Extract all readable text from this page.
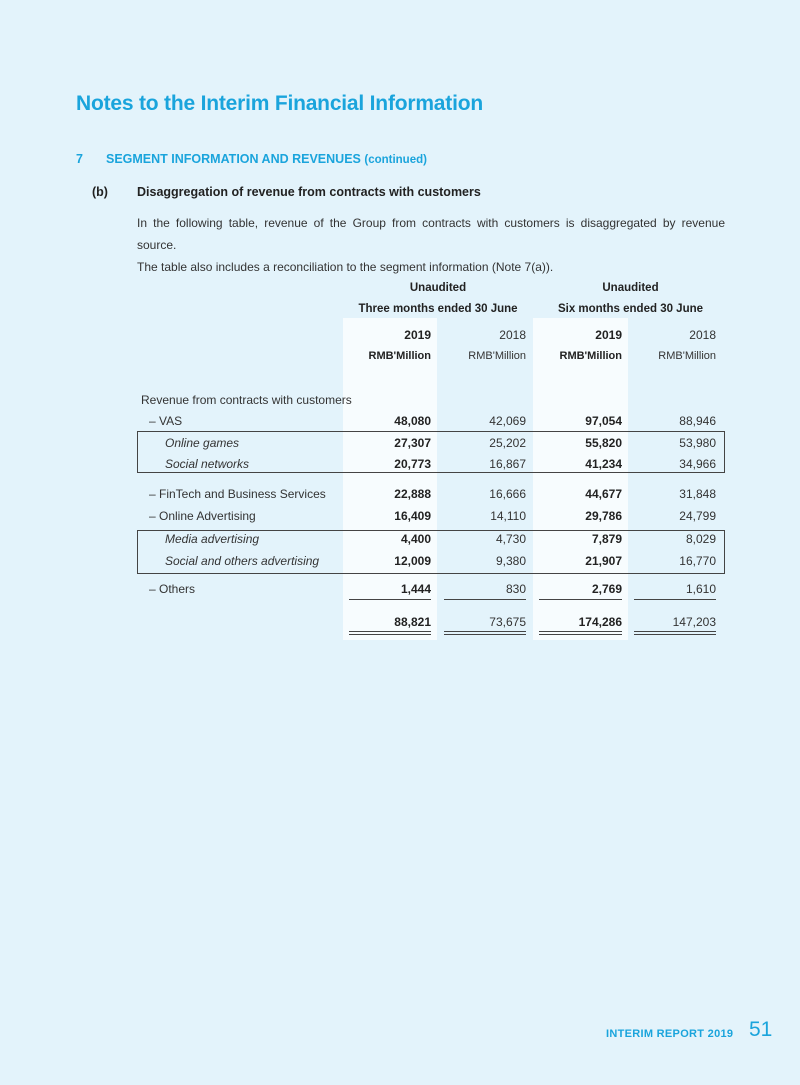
Notes to the Interim Financial Information
7 SEGMENT INFORMATION AND REVENUES (continued)
(b) Disaggregation of revenue from contracts with customers
In the following table, revenue of the Group from contracts with customers is disaggregated by revenue source.
The table also includes a reconciliation to the segment information (Note 7(a)).
Unaudited
Three months ended 30 June
Unaudited
Six months ended 30 June
2019	2018	2019	2018
RMB'Million	RMB'Million	RMB'Million	RMB'Million
Revenue from contracts with customers
– VAS	48,080	42,069	97,054	88,946
Online games	27,307	25,202	55,820	53,980
Social networks	20,773	16,867	41,234	34,966
– FinTech and Business Services	22,888	16,666	44,677	31,848
– Online Advertising	16,409	14,110	29,786	24,799
Media advertising	4,400	4,730	7,879	8,029
Social and others advertising	12,009	9,380	21,907	16,770
– Others	1,444	830	2,769	1,610
88,821	73,675	174,286	147,203
INTERIM REPORT 2019 51
